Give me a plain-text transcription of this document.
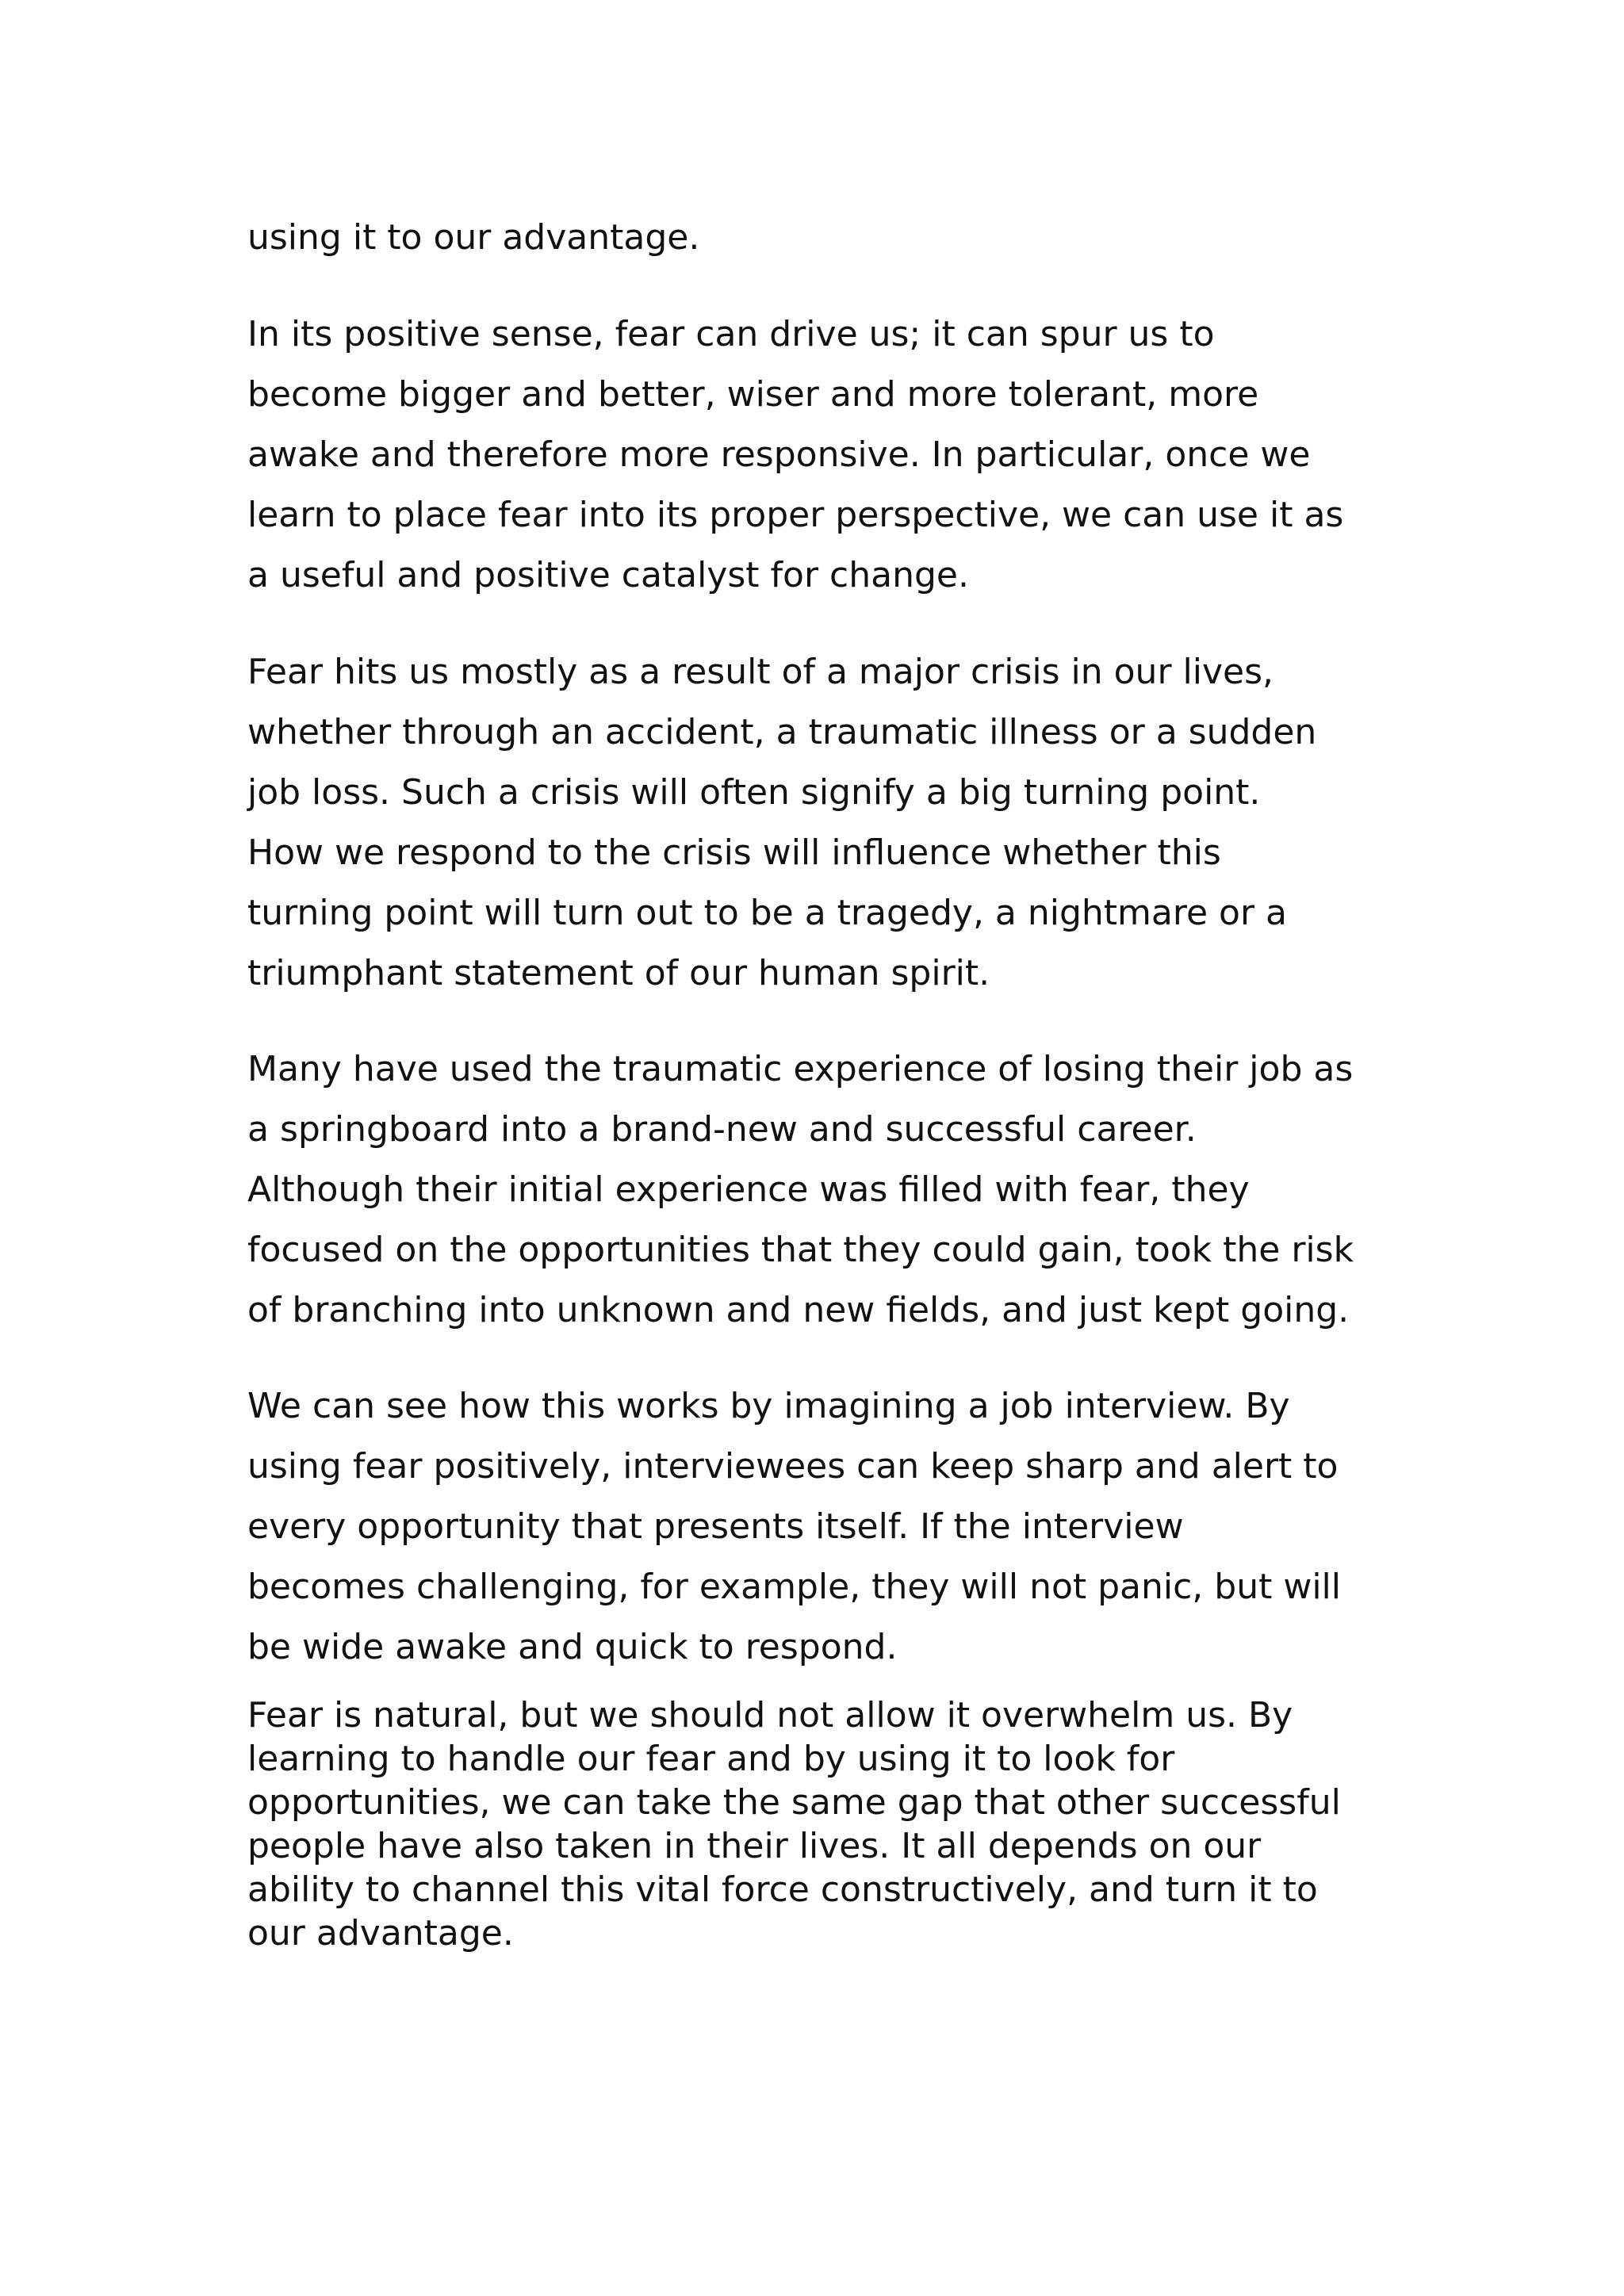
using it to our advantage.

In its positive sense, fear can drive us; it can spur us to
become bigger and better, wiser and more tolerant, more
awake and therefore more responsive. In particular, once we
learn to place fear into its proper perspective, we can use it as
a useful and positive catalyst for change.

Fear hits us mostly as a result of a major crisis in our lives,
whether through an accident, a traumatic illness or a sudden
job loss. Such a crisis will often signify a big turning point.
How we respond to the crisis will influence whether this
turning point will turn out to be a tragedy, a nightmare or a
triumphant statement of our human spirit.

Many have used the traumatic experience of losing their job as
a springboard into a brand-new and successful career.
Although their initial experience was filled with fear, they
focused on the opportunities that they could gain, took the risk
of branching into unknown and new fields, and just kept going.

We can see how this works by imagining a job interview. By
using fear positively, interviewees can keep sharp and alert to
every opportunity that presents itself. If the interview
becomes challenging, for example, they will not panic, but will
be wide awake and quick to respond.

Fear is natural, but we should not allow it overwhelm us. By
learning to handle our fear and by using it to look for
opportunities, we can take the same gap that other successful
people have also taken in their lives. It all depends on our
ability to channel this vital force constructively, and turn it to
our advantage.
